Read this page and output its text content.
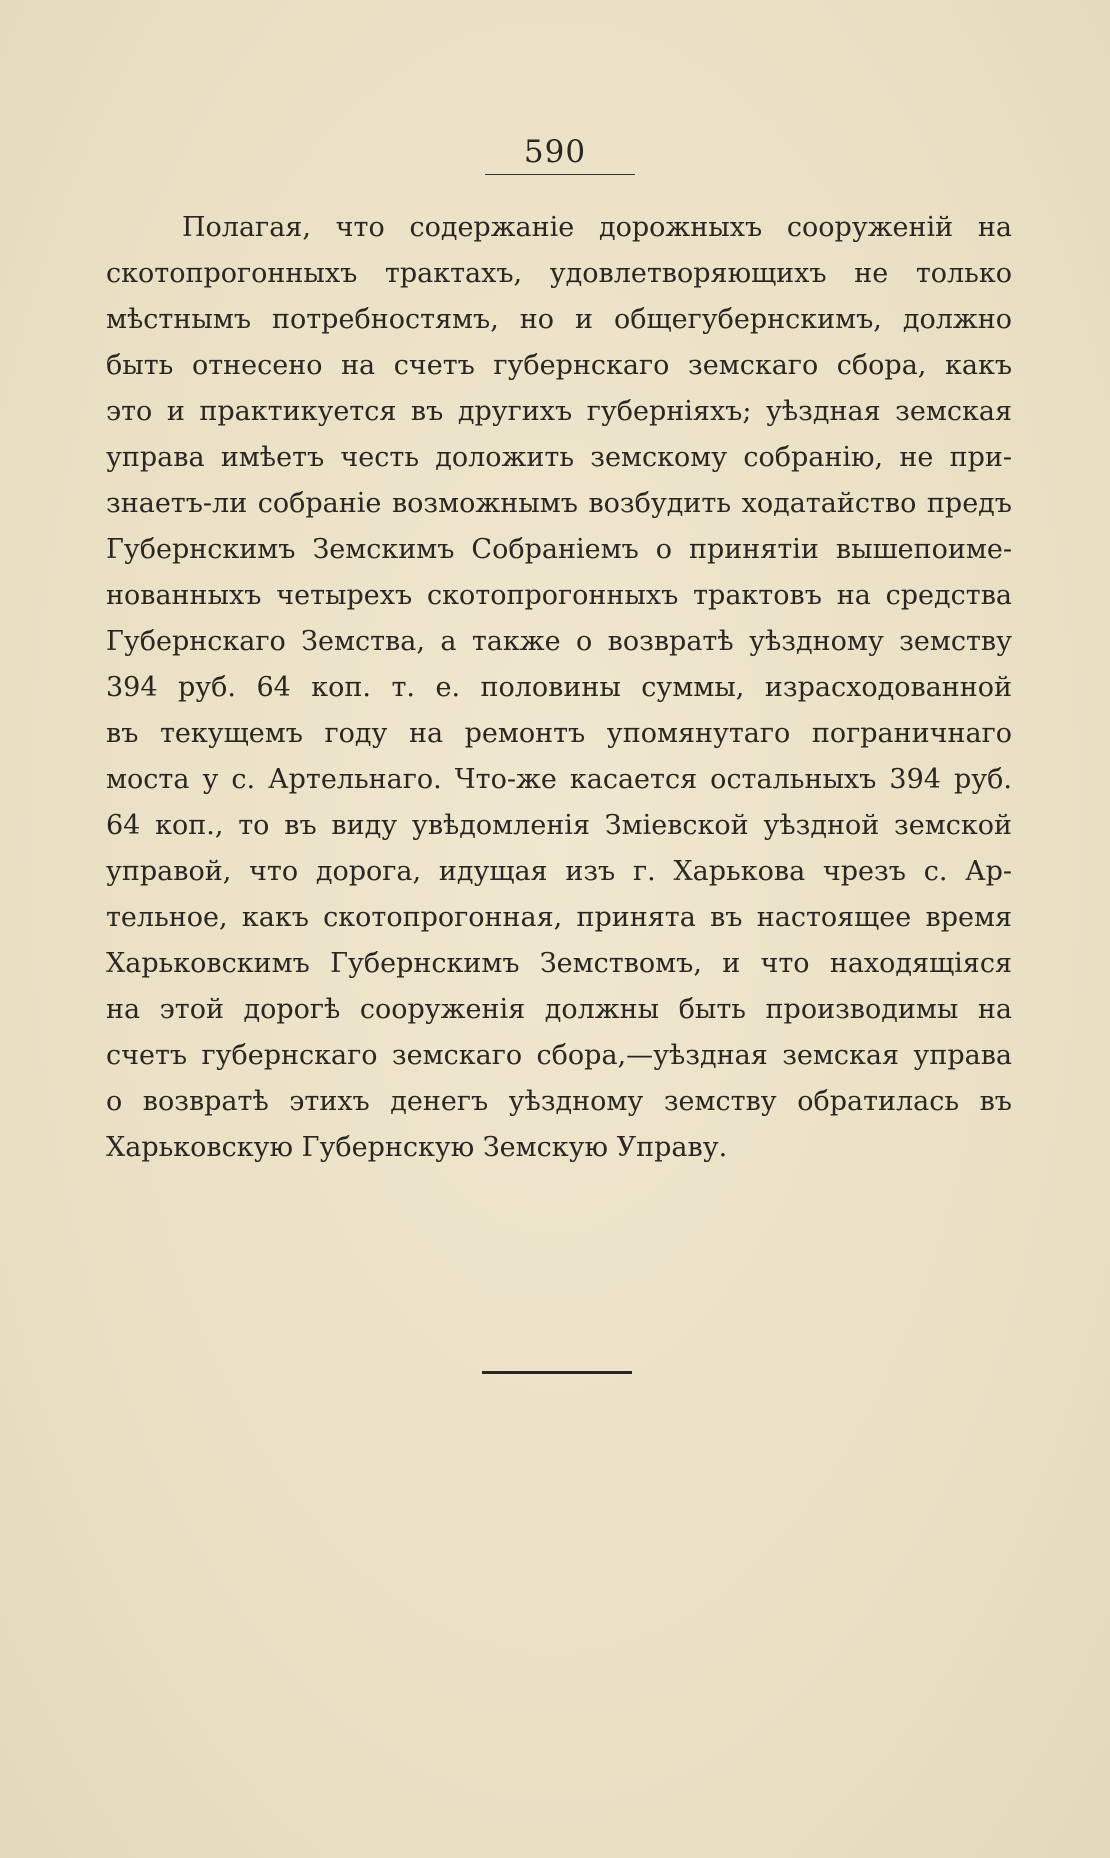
590
Полагая, что содержаніе дорожныхъ сооруженій на
скотопрогонныхъ трактахъ, удовлетворяющихъ не только
мѣстнымъ потребностямъ, но и общегубернскимъ, должно
быть отнесено на счетъ губернскаго земскаго сбора, какъ
это и практикуется въ другихъ губерніяхъ; уѣздная земская
управа имѣетъ честь доложить земскому собранію, не при-
знаетъ-ли собраніе возможнымъ возбудить ходатайство предъ
Губернскимъ Земскимъ Собраніемъ о принятіи вышепоиме-
нованныхъ четырехъ скотопрогонныхъ трактовъ на средства
Губернскаго Земства, а также о возвратѣ уѣздному земству
394 руб. 64 коп. т. е. половины суммы, израсходованной
въ текущемъ году на ремонтъ упомянутаго пограничнаго
моста у с. Артельнаго. Что-же касается остальныхъ 394 руб.
64 коп., то въ виду увѣдомленія Зміевской уѣздной земской
управой, что дорога, идущая изъ г. Харькова чрезъ с. Ар-
тельное, какъ скотопрогонная, принята въ настоящее время
Харьковскимъ Губернскимъ Земствомъ, и что находящіяся
на этой дорогѣ сооруженія должны быть производимы на
счетъ губернскаго земскаго сбора,—уѣздная земская управа
о возвратѣ этихъ денегъ уѣздному земству обратилась въ
Харьковскую Губернскую Земскую Управу.
